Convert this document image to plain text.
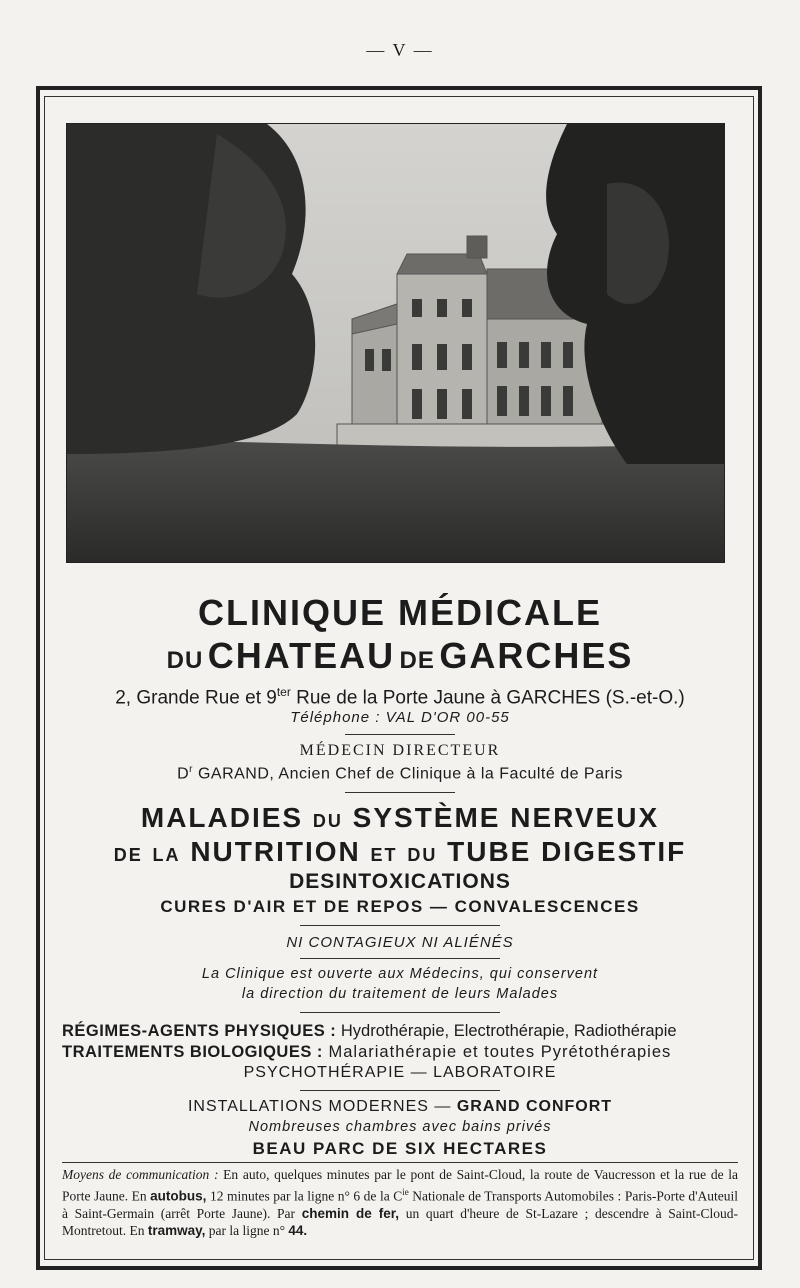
— V —
CLINIQUE MÉDICALE
DU CHATEAU DE GARCHES
2, Grande Rue et $9^{ter}$ Rue de la Porte Jaune à GARCHES (S.-et-O.)
Téléphone : VAL D'OR 00-55
MÉDECIN DIRECTEUR
$D^r$ GARAND, Ancien Chef de Clinique à la Faculté de Paris
MALADIES DU SYSTÈME NERVEUX
DE LA NUTRITION ET DU TUBE DIGESTIF
DESINTOXICATIONS
CURES D'AIR ET DE REPOS — CONVALESCENCES
NI CONTAGIEUX NI ALIÉNÉS
La Clinique est ouverte aux Médecins, qui conservent
la direction du traitement de leurs Malades
RÉGIMES-AGENTS PHYSIQUES : Hydrothérapie, Electrothérapie, Radiothérapie
TRAITEMENTS BIOLOGIQUES : Malariathérapie et toutes Pyrétothérapies
PSYCHOTHÉRAPIE — LABORATOIRE
INSTALLATIONS MODERNES — GRAND CONFORT
Nombreuses chambres avec bains privés
BEAU PARC DE SIX HECTARES
Moyens de communication : En auto, quelques minutes par le pont de Saint-Cloud, la route de Vaucresson et la rue de la Porte Jaune. En autobus, 12 minutes par la ligne n° 6 de la $C^{ie}$ Nationale de Transports Automobiles : Paris-Porte d'Auteuil à Saint-Germain (arrêt Porte Jaune). Par chemin de fer, un quart d'heure de St-Lazare ; descendre à Saint-Cloud-Montretout. En tramway, par la ligne n° 44.
